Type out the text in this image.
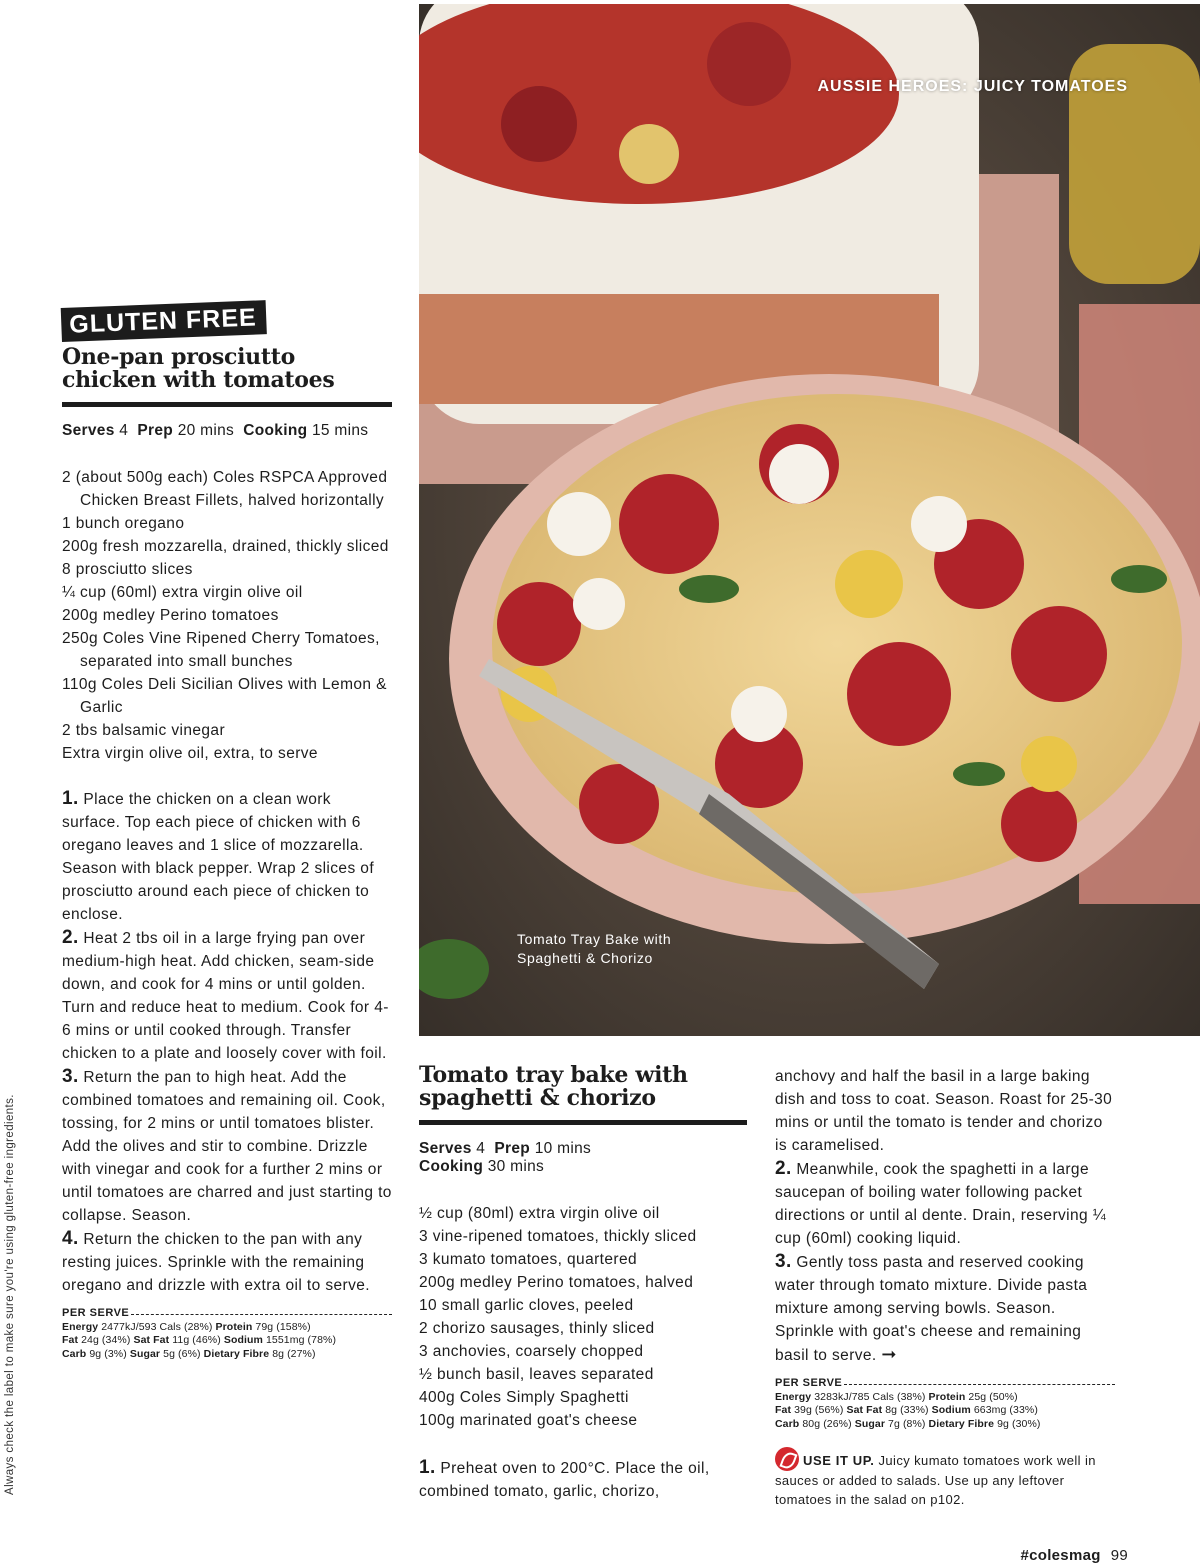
AUSSIE HEROES: JUICY TOMATOES
Tomato Tray Bake with Spaghetti & Chorizo
Always check the label to make sure you're using gluten-free ingredients.
GLUTEN FREE
One-pan prosciutto chicken with tomatoes
Serves 4 Prep 20 mins Cooking 15 mins
2 (about 500g each) Coles RSPCA Approved Chicken Breast Fillets, halved horizontally
1 bunch oregano
200g fresh mozzarella, drained, thickly sliced
8 prosciutto slices
¼ cup (60ml) extra virgin olive oil
200g medley Perino tomatoes
250g Coles Vine Ripened Cherry Tomatoes, separated into small bunches
110g Coles Deli Sicilian Olives with Lemon & Garlic
2 tbs balsamic vinegar
Extra virgin olive oil, extra, to serve

1. Place the chicken on a clean work surface. Top each piece of chicken with 6 oregano leaves and 1 slice of mozzarella. Season with black pepper. Wrap 2 slices of prosciutto around each piece of chicken to enclose.

2. Heat 2 tbs oil in a large frying pan over medium-high heat. Add chicken, seam-side down, and cook for 4 mins or until golden. Turn and reduce heat to medium. Cook for 4-6 mins or until cooked through. Transfer chicken to a plate and loosely cover with foil.

3. Return the pan to high heat. Add the combined tomatoes and remaining oil. Cook, tossing, for 2 mins or until tomatoes blister. Add the olives and stir to combine. Drizzle with vinegar and cook for a further 2 mins or until tomatoes are charred and just starting to collapse. Season.

4. Return the chicken to the pan with any resting juices. Sprinkle with the remaining oregano and drizzle with extra oil to serve.

PER SERVE
Energy 2477kJ/593 Cals (28%) Protein 79g (158%)
Fat 24g (34%) Sat Fat 11g (46%) Sodium 1551mg (78%)
Carb 9g (3%) Sugar 5g (6%) Dietary Fibre 8g (27%)
Tomato tray bake with spaghetti & chorizo
Serves 4 Prep 10 mins
Cooking 30 mins
½ cup (80ml) extra virgin olive oil
3 vine-ripened tomatoes, thickly sliced
3 kumato tomatoes, quartered
200g medley Perino tomatoes, halved
10 small garlic cloves, peeled
2 chorizo sausages, thinly sliced
3 anchovies, coarsely chopped
½ bunch basil, leaves separated
400g Coles Simply Spaghetti
100g marinated goat's cheese

1. Preheat oven to 200°C. Place the oil, combined tomato, garlic, chorizo,

anchovy and half the basil in a large baking dish and toss to coat. Season. Roast for 25-30 mins or until the tomato is tender and chorizo is caramelised.

2. Meanwhile, cook the spaghetti in a large saucepan of boiling water following packet directions or until al dente. Drain, reserving ¼ cup (60ml) cooking liquid.

3. Gently toss pasta and reserved cooking water through tomato mixture. Divide pasta mixture among serving bowls. Season. Sprinkle with goat's cheese and remaining basil to serve. ➞

PER SERVE
Energy 3283kJ/785 Cals (38%) Protein 25g (50%)
Fat 39g (56%) Sat Fat 8g (33%) Sodium 663mg (33%)
Carb 80g (26%) Sugar 7g (8%) Dietary Fibre 9g (30%)
USE IT UP. Juicy kumato tomatoes work well in sauces or added to salads. Use up any leftover tomatoes in the salad on p102.
#colesmag 99
